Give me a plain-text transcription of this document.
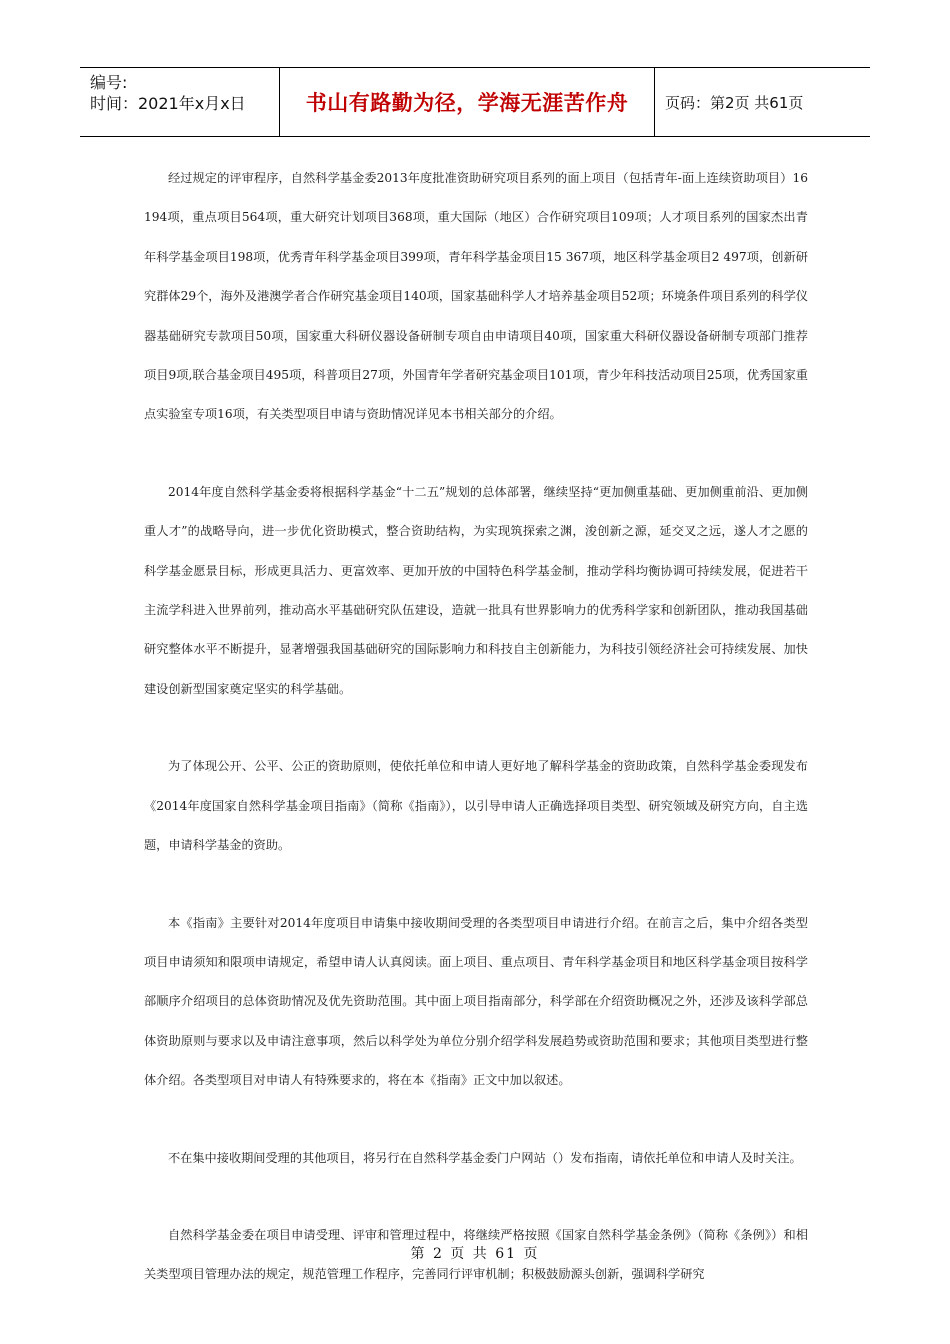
编号:
时间：2021年x月x日	书山有路勤为径，学海无涯苦作舟	页码：第2页 共61页

经过规定的评审程序，自然科学基金委2013年度批准资助研究项目系列的面上项目（包括青年-面上连续资助项目）16 194项，重点项目564项，重大研究计划项目368项，重大国际（地区）合作研究项目109项；人才项目系列的国家杰出青年科学基金项目198项，优秀青年科学基金项目399项，青年科学基金项目15 367项，地区科学基金项目2 497项，创新研究群体29个，海外及港澳学者合作研究基金项目140项，国家基础科学人才培养基金项目52项；环境条件项目系列的科学仪器基础研究专款项目50项，国家重大科研仪器设备研制专项自由申请项目40项，国家重大科研仪器设备研制专项部门推荐项目9项,联合基金项目495项，科普项目27项，外国青年学者研究基金项目101项，青少年科技活动项目25项，优秀国家重点实验室专项16项，有关类型项目申请与资助情况详见本书相关部分的介绍。

2014年度自然科学基金委将根据科学基金“十二五”规划的总体部署，继续坚持“更加侧重基础、更加侧重前沿、更加侧重人才”的战略导向，进一步优化资助模式，整合资助结构，为实现筑探索之渊，浚创新之源，延交叉之远，遂人才之愿的科学基金愿景目标，形成更具活力、更富效率、更加开放的中国特色科学基金制，推动学科均衡协调可持续发展，促进若干主流学科进入世界前列，推动高水平基础研究队伍建设，造就一批具有世界影响力的优秀科学家和创新团队，推动我国基础研究整体水平不断提升，显著增强我国基础研究的国际影响力和科技自主创新能力，为科技引领经济社会可持续发展、加快建设创新型国家奠定坚实的科学基础。

为了体现公开、公平、公正的资助原则，使依托单位和申请人更好地了解科学基金的资助政策，自然科学基金委现发布《2014年度国家自然科学基金项目指南》（简称《指南》），以引导申请人正确选择项目类型、研究领域及研究方向，自主选题，申请科学基金的资助。

本《指南》主要针对2014年度项目申请集中接收期间受理的各类型项目申请进行介绍。在前言之后，集中介绍各类型项目申请须知和限项申请规定，希望申请人认真阅读。面上项目、重点项目、青年科学基金项目和地区科学基金项目按科学部顺序介绍项目的总体资助情况及优先资助范围。其中面上项目指南部分，科学部在介绍资助概况之外，还涉及该科学部总体资助原则与要求以及申请注意事项，然后以科学处为单位分别介绍学科发展趋势或资助范围和要求；其他项目类型进行整体介绍。各类型项目对申请人有特殊要求的，将在本《指南》正文中加以叙述。

不在集中接收期间受理的其他项目，将另行在自然科学基金委门户网站（）发布指南，请依托单位和申请人及时关注。

自然科学基金委在项目申请受理、评审和管理过程中，将继续严格按照《国家自然科学基金条例》（简称《条例》）和相关类型项目管理办法的规定，规范管理工作程序，完善同行评审机制；积极鼓励源头创新，强调科学研究

第 2 页 共 61 页
